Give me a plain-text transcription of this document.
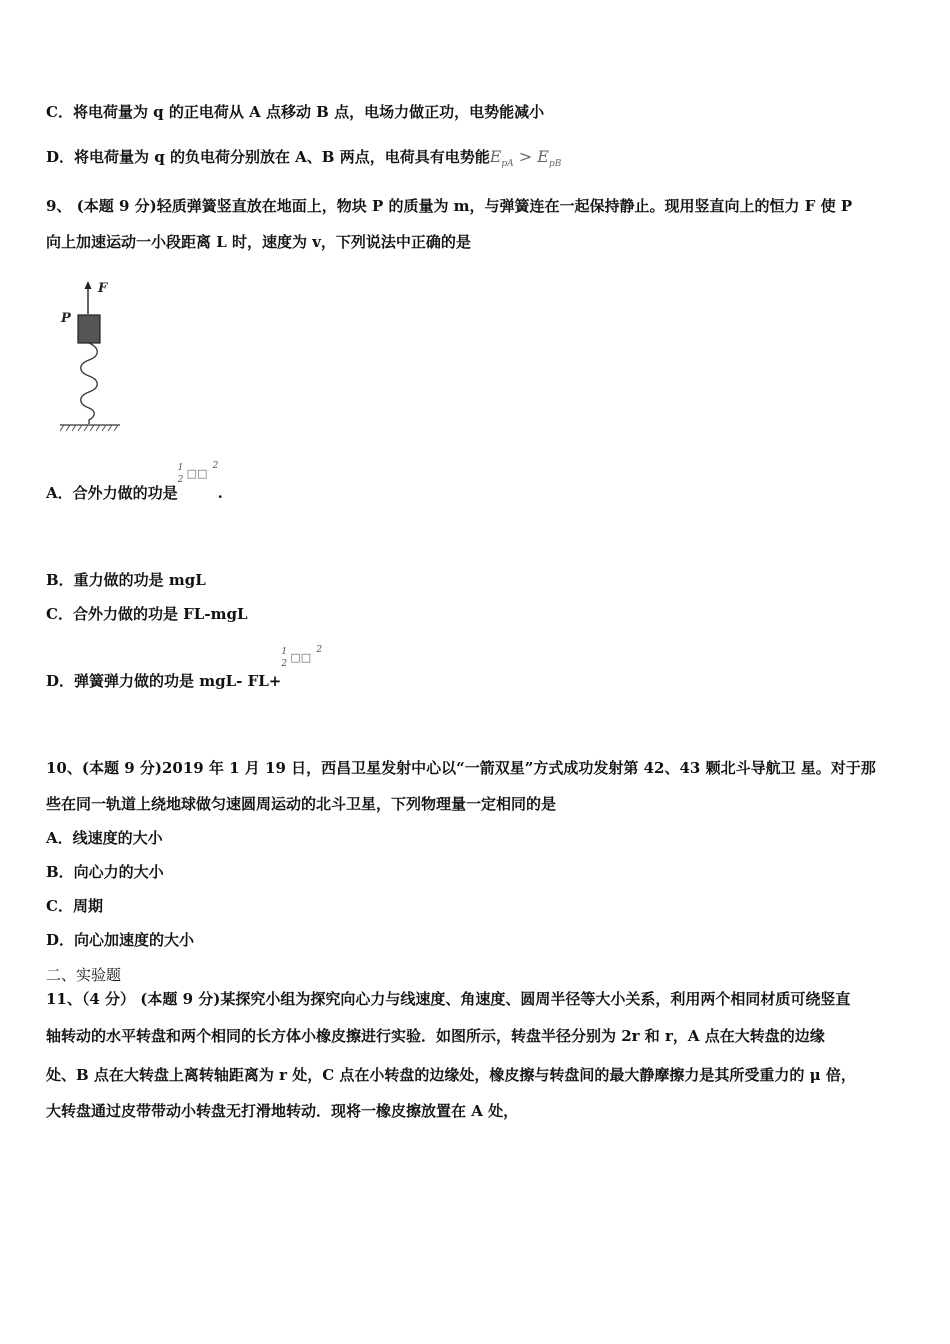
C．将电荷量为 q 的正电荷从 A 点移动 B 点，电场力做正功，电势能减小
D．将电荷量为 q 的负电荷分别放在 A、B 两点，电荷具有电势能$E_{pA} > E_{pB}$
9、 (本题 9 分)轻质弹簧竖直放在地面上，物块 P 的质量为 m，与弹簧连在一起保持静止。现用竖直向上的恒力 F 使 P
向上加速运动一小段距离 L 时，速度为 v，下列说法中正确的是
F
P
A．合外力做的功是
1
2 □□
2
.
B．重力做的功是 mgL
C．合外力做的功是 FL-mgL
D．弹簧弹力做的功是 mgL- FL+
1
2 □□
2
10、(本题 9 分)2019 年 1 月 19 日，西昌卫星发射中心以“一箭双星”方式成功发射第 42、43 颗北斗导航卫 星。对于那
些在同一轨道上绕地球做匀速圆周运动的北斗卫星，下列物理量一定相同的是
A．线速度的大小
B．向心力的大小
C．周期
D．向心加速度的大小
二、实验题
11、（4 分） (本题 9 分)某探究小组为探究向心力与线速度、角速度、圆周半径等大小关系，利用两个相同材质可绕竖直
轴转动的水平转盘和两个相同的长方体小橡皮擦进行实验．如图所示，转盘半径分别为 2r 和 r，A 点在大转盘的边缘
处、B 点在大转盘上离转轴距离为 r 处，C 点在小转盘的边缘处，橡皮擦与转盘间的最大静摩擦力是其所受重力的 μ 倍，
大转盘通过皮带带动小转盘无打滑地转动．现将一橡皮擦放置在 A 处，
